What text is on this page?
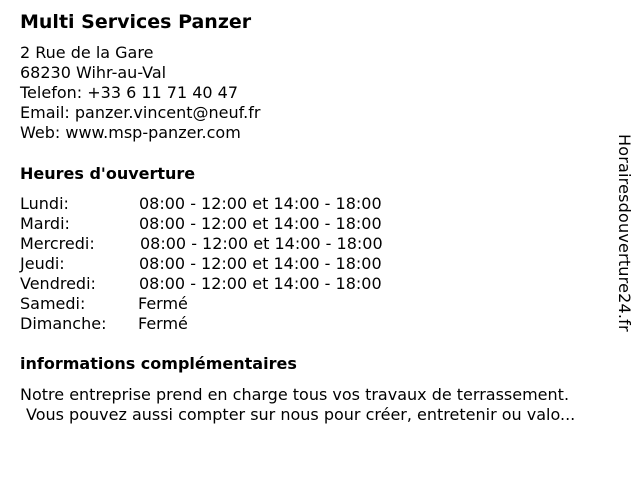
Multi Services Panzer
2 Rue de la Gare
68230 Wihr-au-Val
Telefon: +33 6 11 71 40 47
Email: panzer.vincent@neuf.fr
Web: www.msp-panzer.com
Heures d'ouverture
Lundi:	08:00 - 12:00 et 14:00 - 18:00
Mardi:	08:00 - 12:00 et 14:00 - 18:00
Mercredi:	08:00 - 12:00 et 14:00 - 18:00
Jeudi:	08:00 - 12:00 et 14:00 - 18:00
Vendredi:	08:00 - 12:00 et 14:00 - 18:00
Samedi:	Fermé
Dimanche: Fermé
informations complémentaires
Notre entreprise prend en charge tous vos travaux de terrassement.
Vous pouvez aussi compter sur nous pour créer, entretenir ou valo...
Horairesdouverture24.fr
